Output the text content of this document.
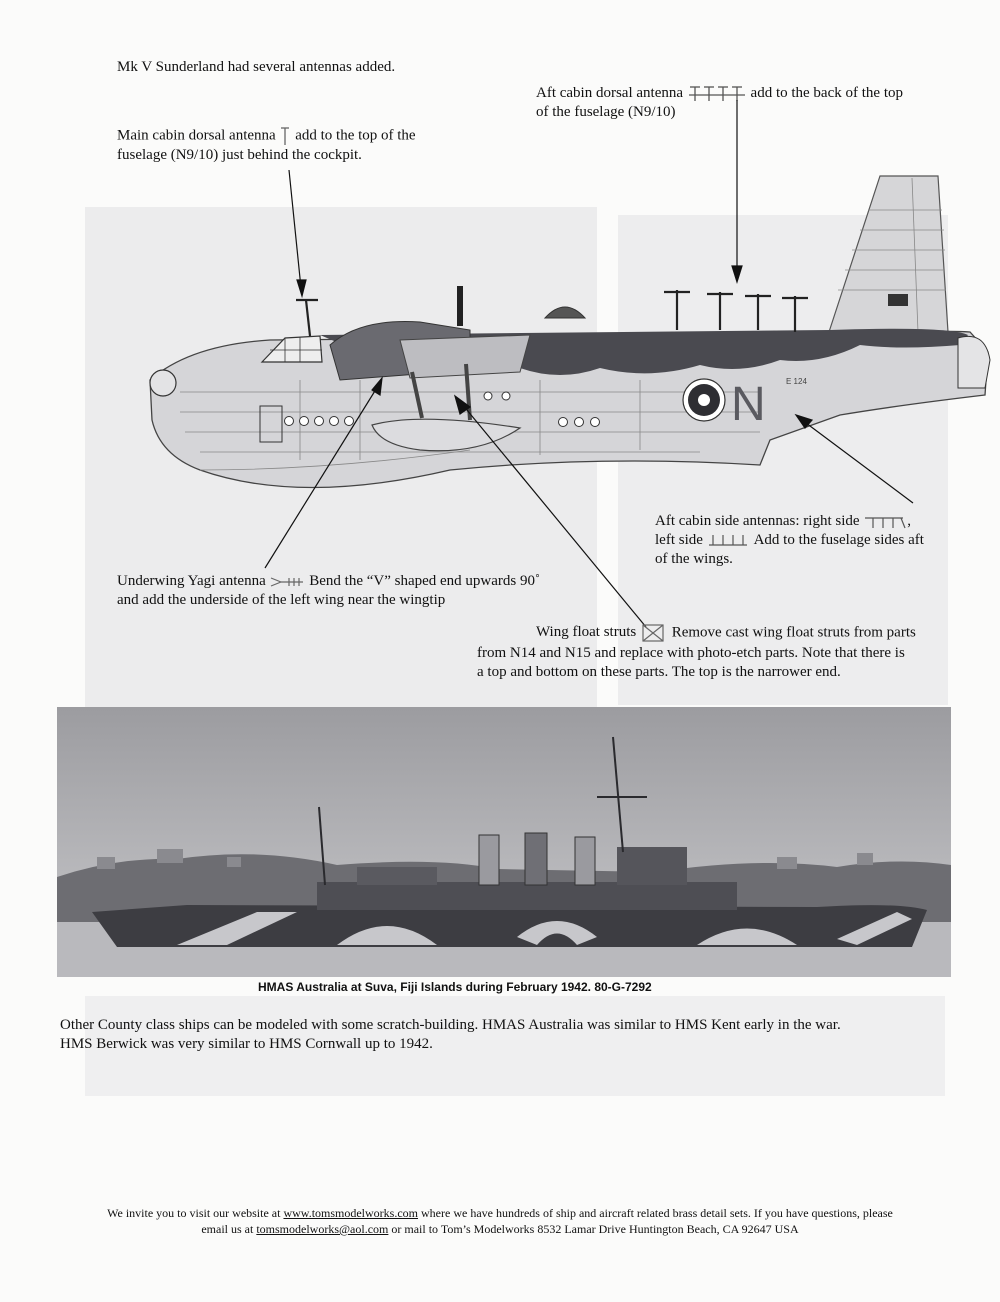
Mk V Sunderland had several antennas added.
Aft cabin dorsal antenna	add to the back of the top
of the fuselage (N9/10)
Main cabin dorsal antenna add to the top of the
fuselage (N9/10) just behind the cockpit.
N	E 124
Aft cabin side antennas: right side	,
left side	Add to the fuselage sides aft
of the wings.
Underwing Yagi antenna	Bend the “V” shaped end upwards 90˚
and add the underside of the left wing near the wingtip
Wing float struts Remove cast wing float struts from parts
from N14 and N15 and replace with photo-etch parts. Note that there is
a top and bottom on these parts. The top is the narrower end.
HMAS Australia at Suva, Fiji Islands during February 1942. 80-G-7292
Other County class ships can be modeled with some scratch-building. HMAS Australia was similar to HMS Kent early in the war.
HMS Berwick was very similar to HMS Cornwall up to 1942.
We invite you to visit our website at www.tomsmodelworks.com where we have hundreds of ship and aircraft related brass detail sets. If you have questions, please
email us at tomsmodelworks@aol.com or mail to Tom’s Modelworks 8532 Lamar Drive Huntington Beach, CA 92647 USA
